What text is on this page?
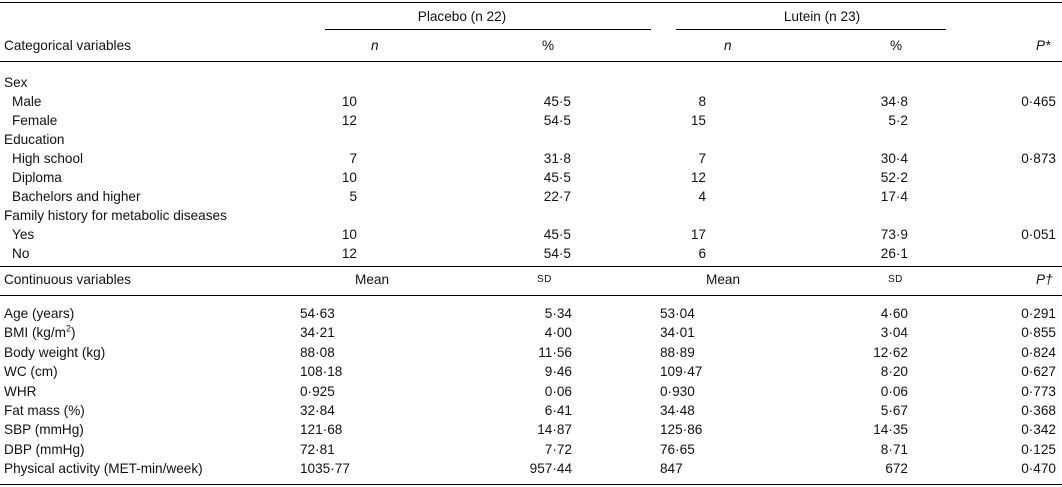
Placebo (n 22)	Lutein (n 23)
Categorical variables	n	%	n	%	P*
Sex
Male	10	45·5	8	34·8	0·465
Female	12	54·5	15	5·2
Education
High school	7	31·8	7	30·4	0·873
Diploma	10	45·5	12	52·2
Bachelors and higher	5	22·7	4	17·4
Family history for metabolic diseases
Yes	10	45·5	17	73·9	0·051
No	12	54·5	6	26·1
Continuous variables	Mean	SD	Mean	SD	P†
Age (years)	54·63	5·34	53·04	4·60	0·291
BMI $(kg/m^2)$	34·21	4·00	34·01	3·04	0·855
Body weight (kg)	88·08	11·56	88·89	12·62	0·824
WC (cm)	108·18	9·46	109·47	8·20	0·627
WHR	0·925	0·06	0·930	0·06	0·773
Fat mass (%)	32·84	6·41	34·48	5·67	0·368
SBP (mmHg)	121·68	14·87	125·86	14·35	0·342
DBP (mmHg)	72·81	7·72	76·65	8·71	0·125
Physical activity (MET-min/week)	1035·77	957·44	847	672	0·470
